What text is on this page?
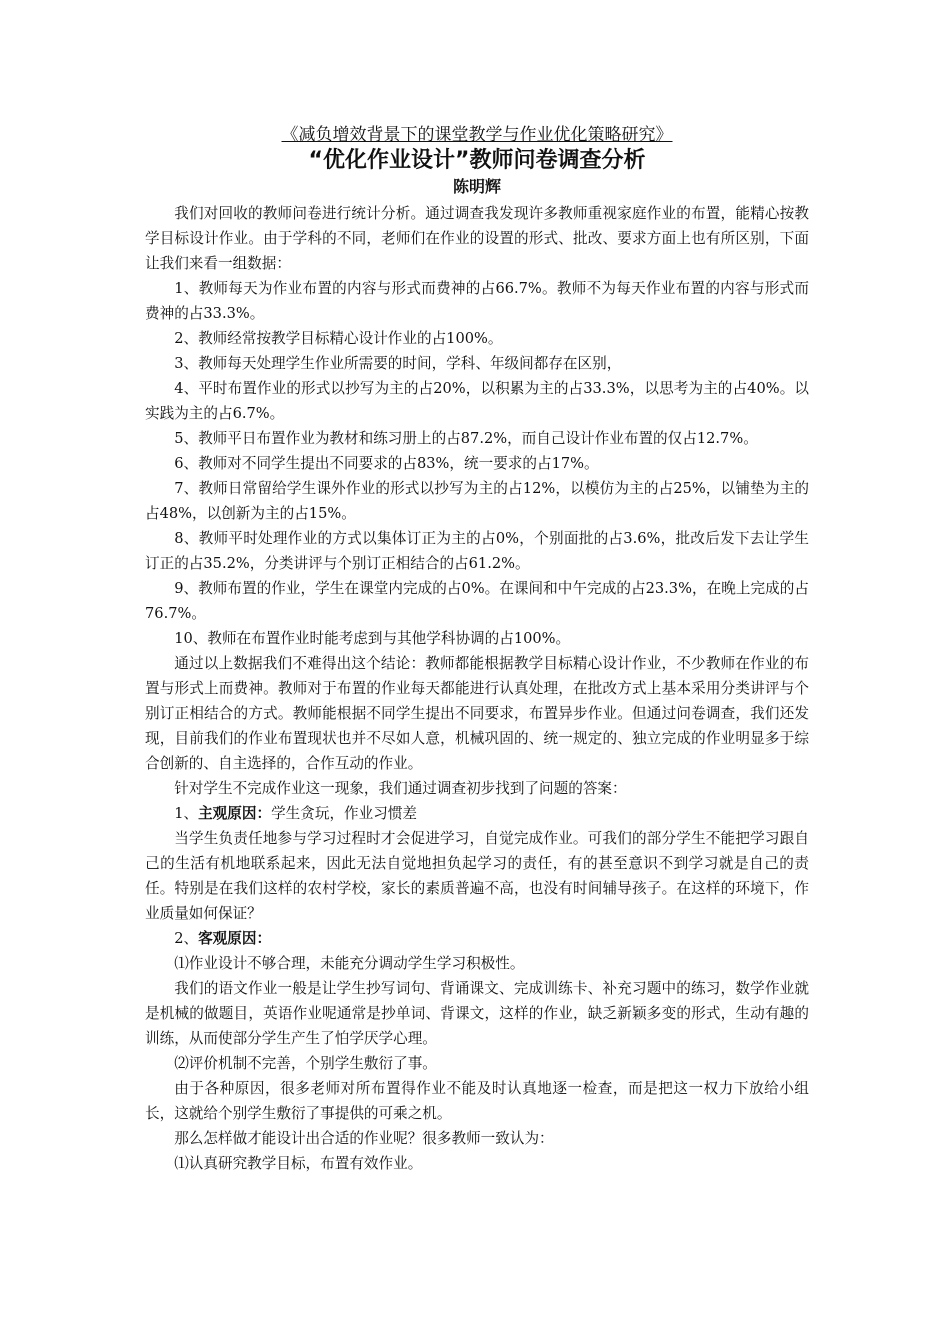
《减负增效背景下的课堂教学与作业优化策略研究》

“优化作业设计”教师问卷调查分析

陈明辉

我们对回收的教师问卷进行统计分析。通过调查我发现许多教师重视家庭作业的布置，能精心按教学目标设计作业。由于学科的不同，老师们在作业的设置的形式、批改、要求方面上也有所区别，下面让我们来看一组数据：

1、教师每天为作业布置的内容与形式而费神的占66.7%。教师不为每天作业布置的内容与形式而费神的占33.3%。

2、教师经常按教学目标精心设计作业的占100%。

3、教师每天处理学生作业所需要的时间，学科、年级间都存在区别，

4、平时布置作业的形式以抄写为主的占20%，以积累为主的占33.3%，以思考为主的占40%。以实践为主的占6.7%。

5、教师平日布置作业为教材和练习册上的占87.2%，而自己设计作业布置的仅占12.7%。

6、教师对不同学生提出不同要求的占83%，统一要求的占17%。

7、教师日常留给学生课外作业的形式以抄写为主的占12%，以模仿为主的占25%，以铺垫为主的占48%，以创新为主的占15%。

8、教师平时处理作业的方式以集体订正为主的占0%，个别面批的占3.6%，批改后发下去让学生订正的占35.2%，分类讲评与个别订正相结合的占61.2%。

9、教师布置的作业，学生在课堂内完成的占0%。在课间和中午完成的占23.3%，在晚上完成的占76.7%。

10、教师在布置作业时能考虑到与其他学科协调的占100%。

通过以上数据我们不难得出这个结论：教师都能根据教学目标精心设计作业，不少教师在作业的布置与形式上而费神。教师对于布置的作业每天都能进行认真处理，在批改方式上基本采用分类讲评与个别订正相结合的方式。教师能根据不同学生提出不同要求，布置异步作业。但通过问卷调查，我们还发现，目前我们的作业布置现状也并不尽如人意，机械巩固的、统一规定的、独立完成的作业明显多于综合创新的、自主选择的，合作互动的作业。

针对学生不完成作业这一现象，我们通过调查初步找到了问题的答案：

1、主观原因：学生贪玩，作业习惯差

当学生负责任地参与学习过程时才会促进学习，自觉完成作业。可我们的部分学生不能把学习跟自己的生活有机地联系起来，因此无法自觉地担负起学习的责任，有的甚至意识不到学习就是自己的责任。特别是在我们这样的农村学校，家长的素质普遍不高，也没有时间辅导孩子。在这样的环境下，作业质量如何保证？

2、客观原因：

⑴作业设计不够合理，未能充分调动学生学习积极性。

我们的语文作业一般是让学生抄写词句、背诵课文、完成训练卡、补充习题中的练习，数学作业就是机械的做题目，英语作业呢通常是抄单词、背课文，这样的作业，缺乏新颖多变的形式，生动有趣的训练，从而使部分学生产生了怕学厌学心理。

⑵评价机制不完善，个别学生敷衍了事。

由于各种原因，很多老师对所布置得作业不能及时认真地逐一检查，而是把这一权力下放给小组长，这就给个别学生敷衍了事提供的可乘之机。

那么怎样做才能设计出合适的作业呢？很多教师一致认为：

⑴认真研究教学目标，布置有效作业。
